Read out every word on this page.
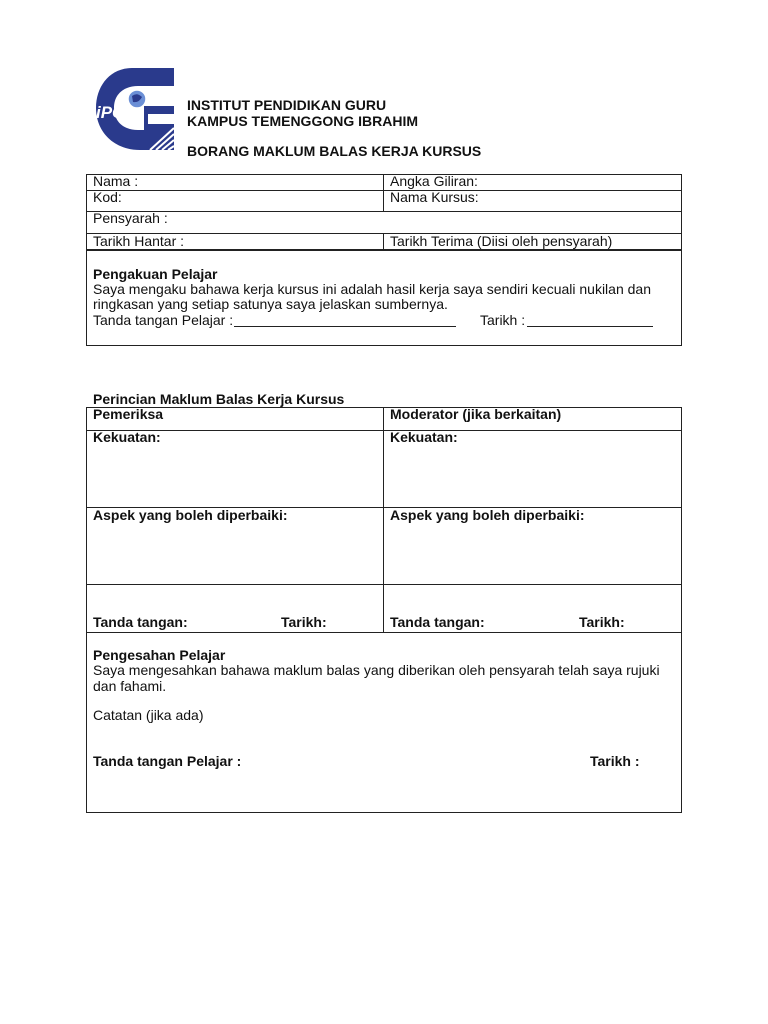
iPG	INSTITUT PENDIDIKAN GURU
KAMPUS TEMENGGONG IBRAHIM
BORANG MAKLUM BALAS KERJA KURSUS
Nama :	Angka Giliran:
Kod:	Nama Kursus:
Pensyarah :
Tarikh Hantar :	Tarikh Terima (Diisi oleh pensyarah)
Pengakuan Pelajar
Saya mengaku bahawa kerja kursus ini adalah hasil kerja saya sendiri kecuali nukilan dan
ringkasan yang setiap satunya saya jelaskan sumbernya.
Tanda tangan Pelajar :	Tarikh :
Perincian Maklum Balas Kerja Kursus
Pemeriksa	Moderator (jika berkaitan)
Kekuatan:	Kekuatan:
Aspek yang boleh diperbaiki:	Aspek yang boleh diperbaiki:
Tanda tangan:	Tarikh:	Tanda tangan:	Tarikh:
Pengesahan Pelajar
Saya mengesahkan bahawa maklum balas yang diberikan oleh pensyarah telah saya rujuki
dan fahami.
Catatan (jika ada)
Tanda tangan Pelajar :	Tarikh :
